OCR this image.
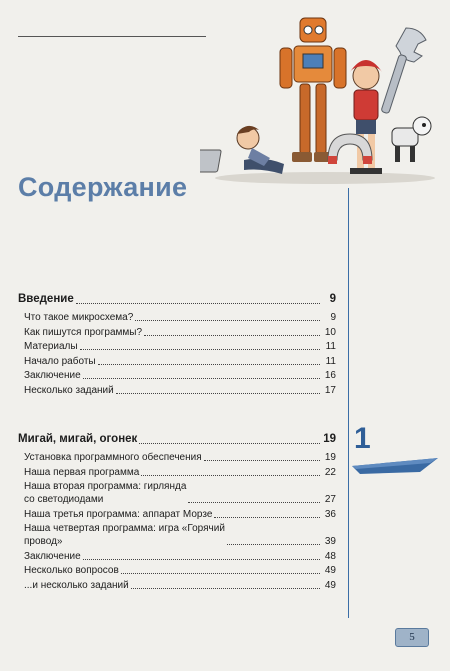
Содержание
1
Введение	9
Что такое микросхема?	9
Как пишутся программы?	10
Материалы	11
Начало работы	11
Заключение	16
Несколько заданий	17
Мигай, мигай, огонек	19
Установка программного обеспечения	19
Наша первая программа	22
Наша вторая программа: гирлянда
со светодиодами	27
Наша третья программа: аппарат Морзе	36
Наша четвертая программа: игра «Горячий
провод»	39
Заключение	48
Несколько вопросов	49
...и несколько заданий	49
5
